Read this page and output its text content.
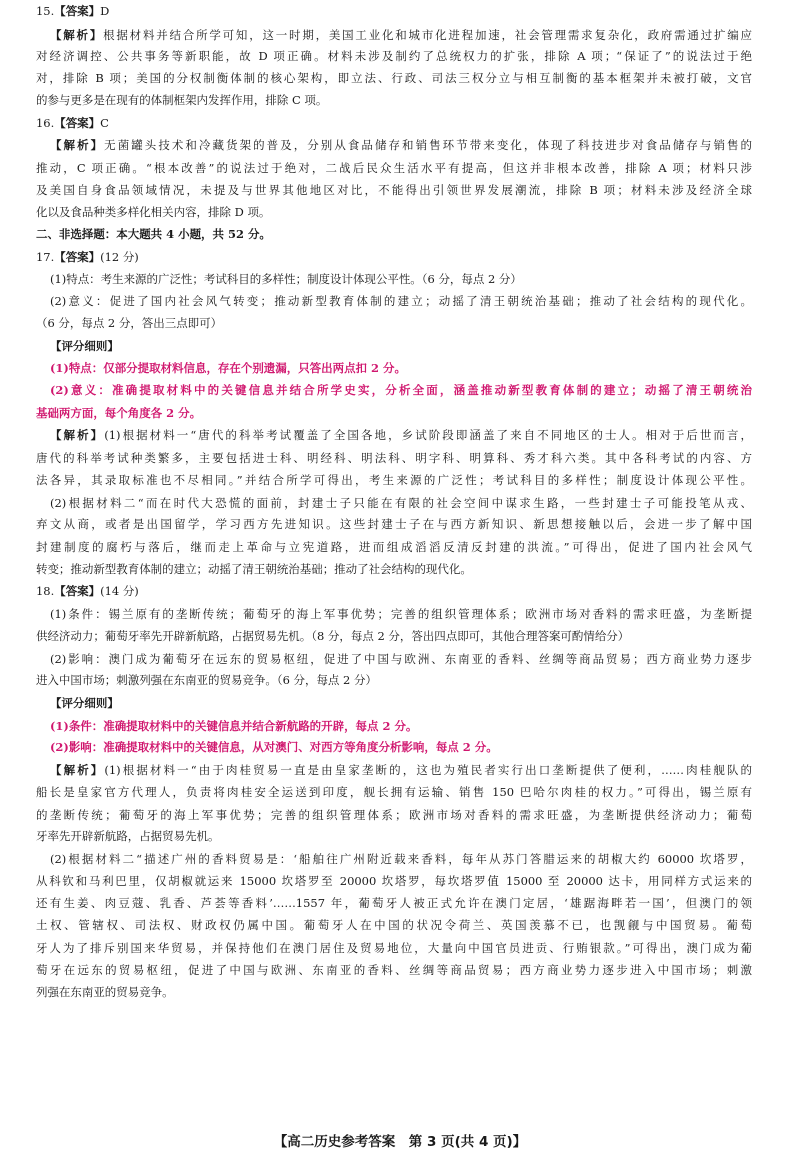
15.【答案】D
【解析】根据材料并结合所学可知，这一时期，美国工业化和城市化进程加速，社会管理需求复杂化，政府需通过扩编应
对经济调控、公共事务等新职能，故 D 项正确。材料未涉及制约了总统权力的扩张，排除 A 项；“保证了”的说法过于绝
对，排除 B 项；美国的分权制衡体制的核心架构，即立法、行政、司法三权分立与相互制衡的基本框架并未被打破，文官
的参与更多是在现有的体制框架内发挥作用，排除 C 项。
16.【答案】C
【解析】无菌罐头技术和冷藏货架的普及，分别从食品储存和销售环节带来变化，体现了科技进步对食品储存与销售的
推动，C 项正确。“根本改善”的说法过于绝对，二战后民众生活水平有提高，但这并非根本改善，排除 A 项；材料只涉
及美国自身食品领域情况，未提及与世界其他地区对比，不能得出引领世界发展潮流，排除 B 项；材料未涉及经济全球
化以及食品种类多样化相关内容，排除 D 项。
二、非选择题：本大题共 4 小题，共 52 分。
17.【答案】(12 分)
(1)特点：考生来源的广泛性；考试科目的多样性；制度设计体现公平性。（6 分，每点 2 分）
(2)意义：促进了国内社会风气转变；推动新型教育体制的建立；动摇了清王朝统治基础；推动了社会结构的现代化。
（6 分，每点 2 分，答出三点即可）
【评分细则】
(1)特点：仅部分提取材料信息，存在个别遗漏，只答出两点扣 2 分。
(2)意义：准确提取材料中的关键信息并结合所学史实，分析全面，涵盖推动新型教育体制的建立；动摇了清王朝统治
基础两方面，每个角度各 2 分。
【解析】(1)根据材料一“唐代的科举考试覆盖了全国各地，乡试阶段即涵盖了来自不同地区的士人。相对于后世而言，
唐代的科举考试种类繁多，主要包括进士科、明经科、明法科、明字科、明算科、秀才科六类。其中各科考试的内容、方
法各异，其录取标准也不尽相同。”并结合所学可得出，考生来源的广泛性；考试科目的多样性；制度设计体现公平性。
(2)根据材料二“而在时代大恐慌的面前，封建士子只能在有限的社会空间中谋求生路，一些封建士子可能投笔从戎、
弃文从商，或者是出国留学，学习西方先进知识。这些封建士子在与西方新知识、新思想接触以后，会进一步了解中国
封建制度的腐朽与落后，继而走上革命与立宪道路，进而组成滔滔反清反封建的洪流。”可得出，促进了国内社会风气
转变；推动新型教育体制的建立；动摇了清王朝统治基础；推动了社会结构的现代化。
18.【答案】(14 分)
(1)条件：锡兰原有的垄断传统；葡萄牙的海上军事优势；完善的组织管理体系；欧洲市场对香料的需求旺盛，为垄断提
供经济动力；葡萄牙率先开辟新航路，占据贸易先机。（8 分，每点 2 分，答出四点即可，其他合理答案可酌情给分）
(2)影响：澳门成为葡萄牙在远东的贸易枢纽，促进了中国与欧洲、东南亚的香料、丝绸等商品贸易；西方商业势力逐步
进入中国市场；刺激列强在东南亚的贸易竞争。（6 分，每点 2 分）
【评分细则】
(1)条件：准确提取材料中的关键信息并结合新航路的开辟，每点 2 分。
(2)影响：准确提取材料中的关键信息，从对澳门、对西方等角度分析影响，每点 2 分。
【解析】(1)根据材料一“由于肉桂贸易一直是由皇家垄断的，这也为殖民者实行出口垄断提供了便利，……肉桂舰队的
船长是皇家官方代理人，负责将肉桂安全运送到印度，舰长拥有运输、销售 150 巴哈尔肉桂的权力。”可得出，锡兰原有
的垄断传统；葡萄牙的海上军事优势；完善的组织管理体系；欧洲市场对香料的需求旺盛，为垄断提供经济动力；葡萄
牙率先开辟新航路，占据贸易先机。
(2)根据材料二“描述广州的香料贸易是：‘船舶往广州附近载来香料，每年从苏门答腊运来的胡椒大约 60000 坎塔罗，
从科钦和马利巴里，仅胡椒就运来 15000 坎塔罗至 20000 坎塔罗，每坎塔罗值 15000 至 20000 达卡，用同样方式运来的
还有生姜、肉豆蔻、乳香、芦荟等香料’……1557 年，葡萄牙人被正式允许在澳门定居，‘雄踞海畔若一国’，但澳门的领
土权、管辖权、司法权、财政权仍属中国。葡萄牙人在中国的状况令荷兰、英国羡慕不已，也觊觎与中国贸易。葡萄
牙人为了排斥别国来华贸易，并保持他们在澳门居住及贸易地位，大量向中国官员进贡、行贿银款。”可得出，澳门成为葡
萄牙在远东的贸易枢纽，促进了中国与欧洲、东南亚的香料、丝绸等商品贸易；西方商业势力逐步进入中国市场；刺激
列强在东南亚的贸易竞争。
【高二历史参考答案　第 3 页(共 4 页)】
